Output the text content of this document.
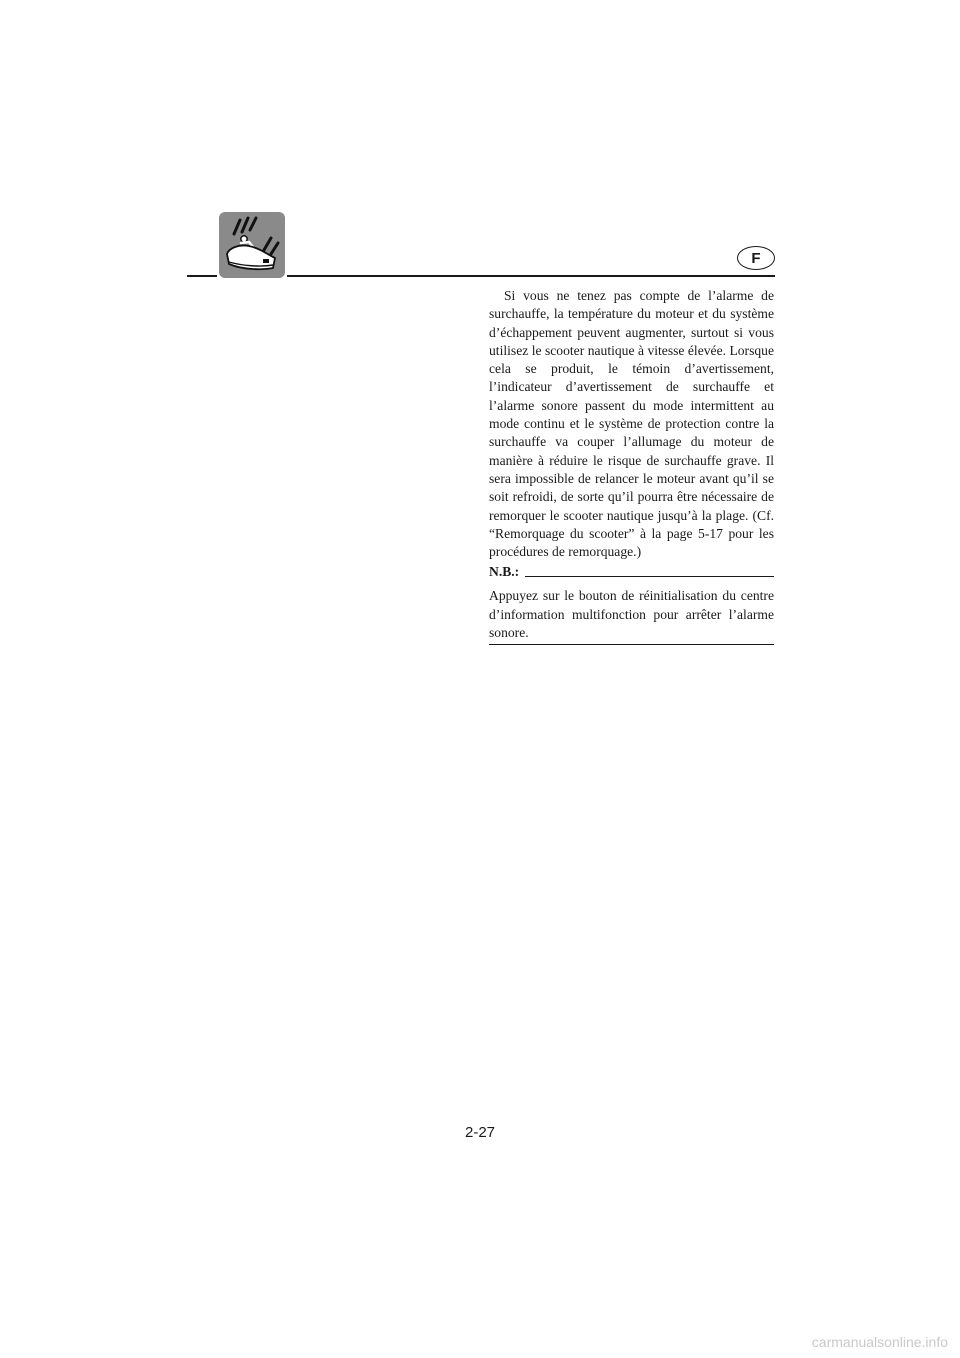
F

Si vous ne tenez pas compte de l’alarme de surchauffe, la température du moteur et du système d’échappement peuvent augmenter, surtout si vous utilisez le scooter nautique à vitesse élevée. Lorsque cela se produit, le témoin d’avertissement, l’indicateur d’avertissement de surchauffe et l’alarme sonore passent du mode intermittent au mode continu et le système de protection contre la surchauffe va couper l’allumage du moteur de manière à réduire le risque de surchauffe grave. Il sera impossible de relancer le moteur avant qu’il se soit refroidi, de sorte qu’il pourra être nécessaire de remorquer le scooter nautique jusqu’à la plage. (Cf. “Remorquage du scooter” à la page 5-17 pour les procédures de remorquage.)

N.B.:

Appuyez sur le bouton de réinitialisation du centre d’information multifonction pour arrêter l’alarme sonore.

2-27
carmanualsonline.info
